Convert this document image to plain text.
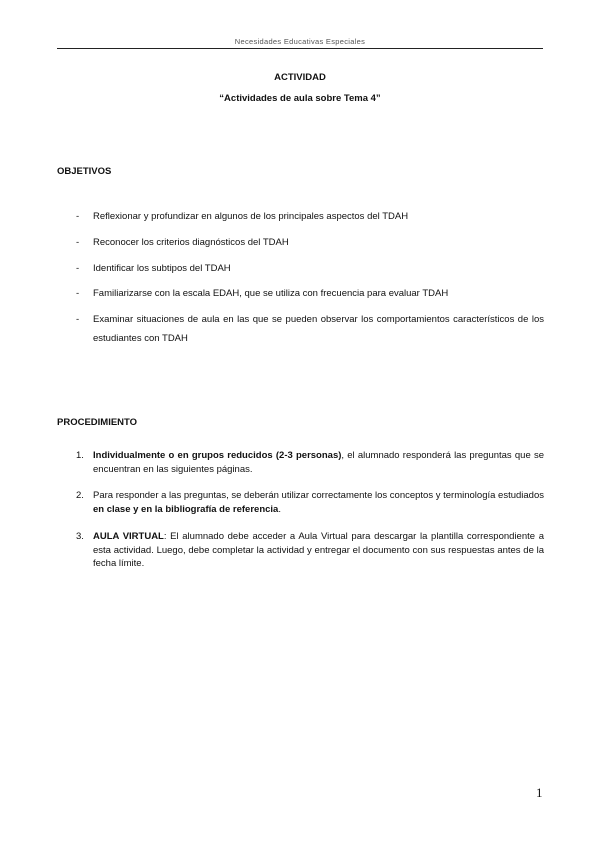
Necesidades Educativas Especiales
ACTIVIDAD
“Actividades de aula sobre Tema 4”
OBJETIVOS
- Reflexionar y profundizar en algunos de los principales aspectos del TDAH
- Reconocer los criterios diagnósticos del TDAH
- Identificar los subtipos del TDAH
- Familiarizarse con la escala EDAH, que se utiliza con frecuencia para evaluar TDAH
- Examinar situaciones de aula en las que se pueden observar los comportamientos característicos de los estudiantes con TDAH
PROCEDIMIENTO
1. Individualmente o en grupos reducidos (2-3 personas), el alumnado responderá las preguntas que se encuentran en las siguientes páginas.
2. Para responder a las preguntas, se deberán utilizar correctamente los conceptos y terminología estudiados en clase y en la bibliografía de referencia.
3. AULA VIRTUAL: El alumnado debe acceder a Aula Virtual para descargar la plantilla correspondiente a esta actividad. Luego, debe completar la actividad y entregar el documento con sus respuestas antes de la fecha límite.
1
